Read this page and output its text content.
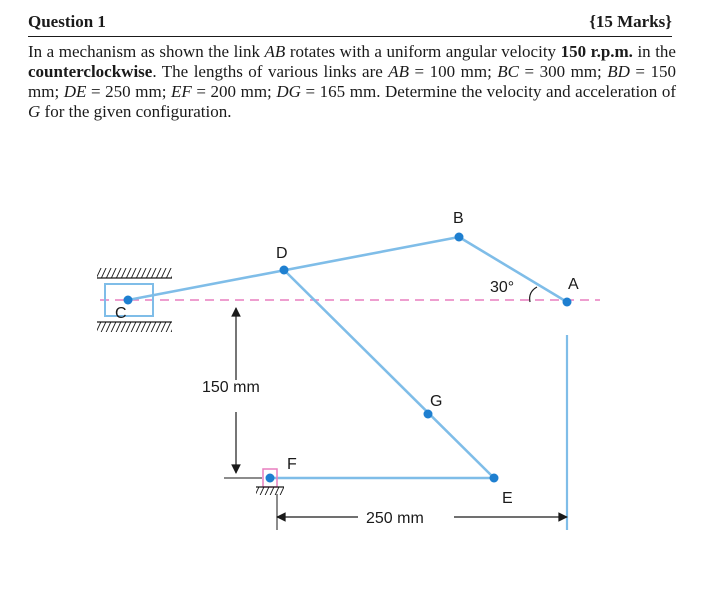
Question 1	{15 Marks}

In a mechanism as shown the link AB rotates with a uniform angular velocity 150 r.p.m. in the counterclockwise. The lengths of various links are AB = 100 mm; BC = 300 mm; BD = 150 mm; DE = 250 mm; EF = 200 mm; DG = 165 mm. Determine the velocity and acceleration of G for the given configuration.

150 mm
250 mm
B
D
C
A
30°
G
F
E
